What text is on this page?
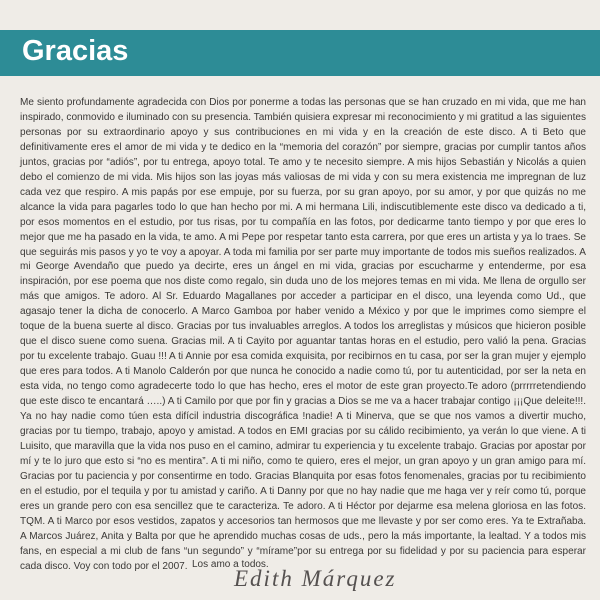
Gracias
Me siento profundamente agradecida con Dios por ponerme a todas las personas que se han cruzado en mi vida, que me han inspirado, conmovido e iluminado con su presencia. También quisiera expresar mi reconocimiento y mi gratitud a las siguientes personas por su extraordinario apoyo y sus contribuciones en mi vida y en la creación de este disco. A ti Beto que definitivamente eres el amor de mi vida y te dedico en la “memoria del corazón” por siempre, gracias por cumplir tantos años juntos, gracias por “adiós”, por tu entrega, apoyo total. Te amo y te necesito siempre. A mis hijos Sebastián y Nicolás a quien debo el comienzo de mi vida. Mis hijos son las joyas más valiosas de mi vida y con su mera existencia me impregnan de luz cada vez que respiro. A mis papás por ese empuje, por su fuerza, por su gran apoyo, por su amor, y por que quizás no me alcance la vida para pagarles todo lo que han hecho por mi. A mi hermana Lili, indiscutiblemente este disco va dedicado a ti, por esos momentos en el estudio, por tus risas, por tu compañía en las fotos, por dedicarme tanto tiempo y por que eres lo mejor que me ha pasado en la vida, te amo. A mi Pepe por respetar tanto esta carrera, por que eres un artista y ya lo traes. Se que seguirás mis pasos y yo te voy a apoyar. A toda mi familia por ser parte muy importante de todos mis sueños realizados. A mi George Avendaño que puedo ya decirte, eres un ángel en mi vida, gracias por escucharme y entenderme, por esa inspiración, por ese poema que nos diste como regalo, sin duda uno de los mejores temas en mi vida. Me llena de orgullo ser más que amigos. Te adoro. Al Sr. Eduardo Magallanes por acceder a participar en el disco, una leyenda como Ud., que agasajo tener la dicha de conocerlo. A Marco Gamboa por haber venido a México y por que le imprimes como siempre el toque de la buena suerte al disco. Gracias por tus invaluables arreglos. A todos los arreglistas y músicos que hicieron posible que el disco suene como suena. Gracias mil. A ti Cayito por aguantar tantas horas en el estudio, pero valió la pena. Gracias por tu excelente trabajo. Guau !!! A ti Annie por esa comida exquisita, por recibirnos en tu casa, por ser la gran mujer y ejemplo que eres para todos. A ti Manolo Calderón por que nunca he conocido a nadie como tú, por tu autenticidad, por ser la neta en esta vida, no tengo como agradecerte todo lo que has hecho, eres el motor de este gran proyecto.Te adoro (prrrrretendiendo que este disco te encantará …..) A ti Camilo por que por fin y gracias a Dios se me va a hacer trabajar contigo ¡¡¡Que deleite!!!. Ya no hay nadie como túen esta difícil industria discográfica !nadie! A ti Minerva, que se que nos vamos a divertir mucho, gracias por tu tiempo, trabajo, apoyo y amistad. A todos en EMI gracias por su cálido recibimiento, ya verán lo que viene. A ti Luisito, que maravilla que la vida nos puso en el camino, admirar tu experiencia y tu excelente trabajo. Gracias por apostar por mí y te lo juro que esto si “no es mentira”. A ti mi niño, como te quiero, eres el mejor, un gran apoyo y un gran amigo para mí. Gracias por tu paciencia y por consentirme en todo. Gracias Blanquita por esas fotos fenomenales, gracias por tu recibimiento en el estudio, por el tequila y por tu amistad y cariño. A ti Danny por que no hay nadie que me haga ver y reír como tú, porque eres un grande pero con esa sencillez que te caracteriza. Te adoro. A ti Héctor por dejarme esa melena gloriosa en las fotos. TQM. A ti Marco por esos vestidos, zapatos y accesorios tan hermosos que me llevaste y por ser como eres. Ya te Extrañaba. A Marcos Juárez, Anita y Balta por que he aprendido muchas cosas de uds., pero la más importante, la lealtad. Y a todos mis fans, en especial a mi club de fans “un segundo” y “mírame”por su entrega por su fidelidad y por su paciencia para esperar cada disco. Voy con todo por el 2007. Los amo a todos.
Edith Márquez
